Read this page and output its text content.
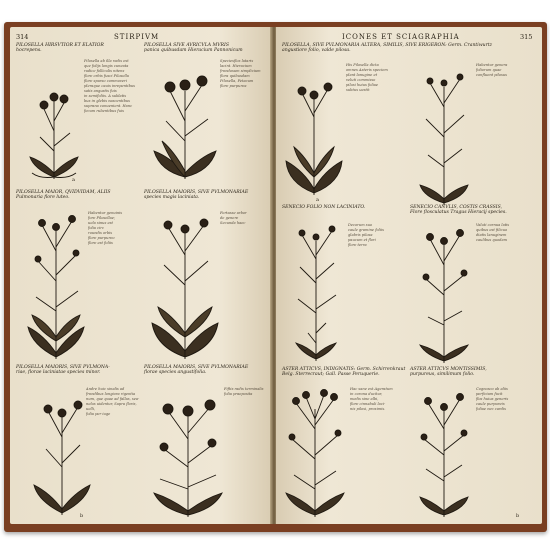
314	STIRPIVM
PILOSELLA HIRSVTIOR ET ELATIOR
hocrepens.
PILOSELLA SIVE AVRICVLA MVRIS
panica quibusdam Hieracium Pannonicum
Pilosella ab illa radix est
que folijs longis cuneata
radice folliculis nitens
flore orbis fusci Pilosella
flore sparso commoveri
pleraque cauis inrepentibus
satis angustis fuis
in semifoliis. A sublatis
bus in glebis nascentibus
suprana conuenient. Hanc
fecum rubentibus fuis
Speciesflos lataris
lacint. Hieracium
frondosum simplicium
flora quibusdam
Pilosella, Fetacum
flore purpurea
a
PILOSELLA MAIOR, QVIDVIDAM, ALIIS
Pulmonaria flore luteo.
PILOSELLA MAIORIS, SIVE PVLMONARIAE
species magis laciniata.
Habentur genuinis
fore Pilosellae;
uela sinus est
folia circ
roundis orbis
flore purpureo
flore est foliis
Fortasse arbor
de genere
Secunda haec
PILOSELLA MAIORIS, SIVE PVLMONA-
riae, florae laciniatae species minor.
PILOSELLA MAIORIS, SIVE PVLMONARIAE
florae species angustifolia.
Andre huic sinalis ad
frondibus longiora rigentia
num, que quae ad fallas, sea-
nelos uidentur, Sapra floris,
uelli,
folia per iuge
Fiftis radix terminalis
folia praeposita
b
ICONES ET SCIAGRAPHIA	315
PILOSELLA, SIVE PVLMONARIA ALTERA, SIMILIS, SIVE ERIGERON: Germ. Crantiwurtz
angustiore folio, valde pilosa.
His Pilosella dicta
omnes Asteris speciem
plant lanugine et
veluti commisso
pilosi huius foliae
subtus uestit
Habentur genera
foliorum quae
confluent pilosus
a
SENECIO FOLIO NON LACINIATO.	SENECIO CANVLIS, COSTIS CRASSIS,
Flore flosculatus Tragus Hieracij species.
Decorum suo
caule gramine foliis
glabris pilosa
paucum et flori
flore terra
Valuti cornua latis
quibus est filicuo
diatis lanuginem
caulibus quodam
ASTER ATTICVS, INDIGNATIS: Germ. Schirrenkraut
Belg. Sterrecraut; Gall. Passe Peruquerie.
ASTER ATTICVS MONTISSIMIS,
purpureus, similimum folio.
Hac sane est Ageratum
in corona ducitur,
medis sine albi,
flore cinnabuli laci-
nis pilosi, proximis.
Cognosco ab aliis
perficiam facit
flos huius generis
caule purpureis
foliae nec cardis
b
